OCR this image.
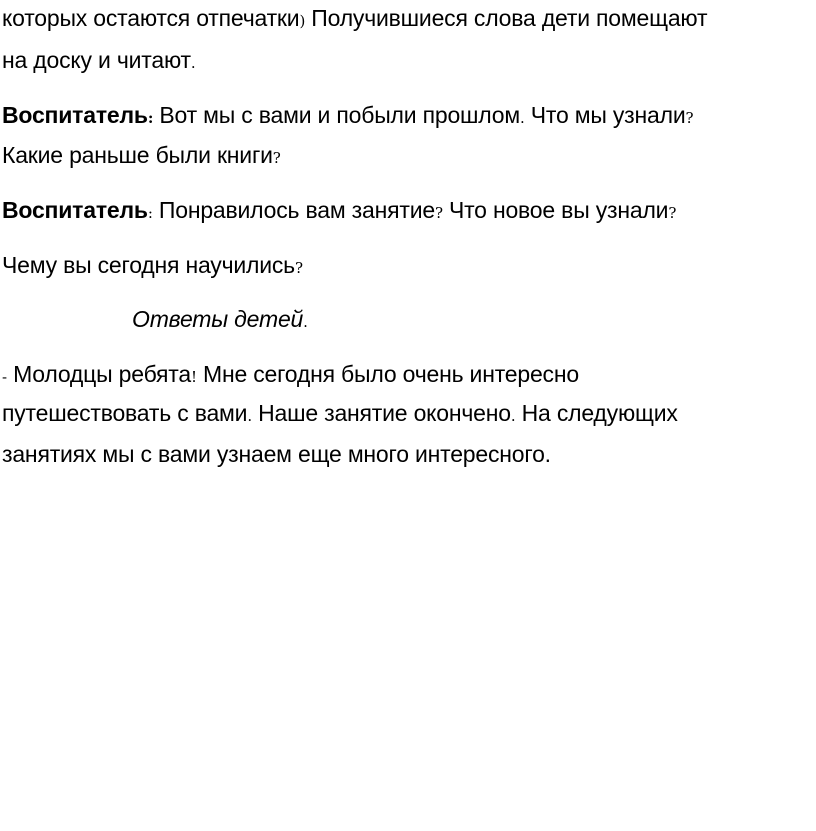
которых остаются отпечатки) Получившиеся слова дети помещают
на доску и читают.
Воспитатель: Вот мы с вами и побыли прошлом. Что мы узнали?
Какие раньше были книги?
Воспитатель: Понравилось вам занятие? Что новое вы узнали?
Чему вы сегодня научились?
Ответы детей.
- Молодцы ребята! Мне сегодня было очень интересно
путешествовать с вами. Наше занятие окончено. На следующих
занятиях мы с вами узнаем еще много интересного.
